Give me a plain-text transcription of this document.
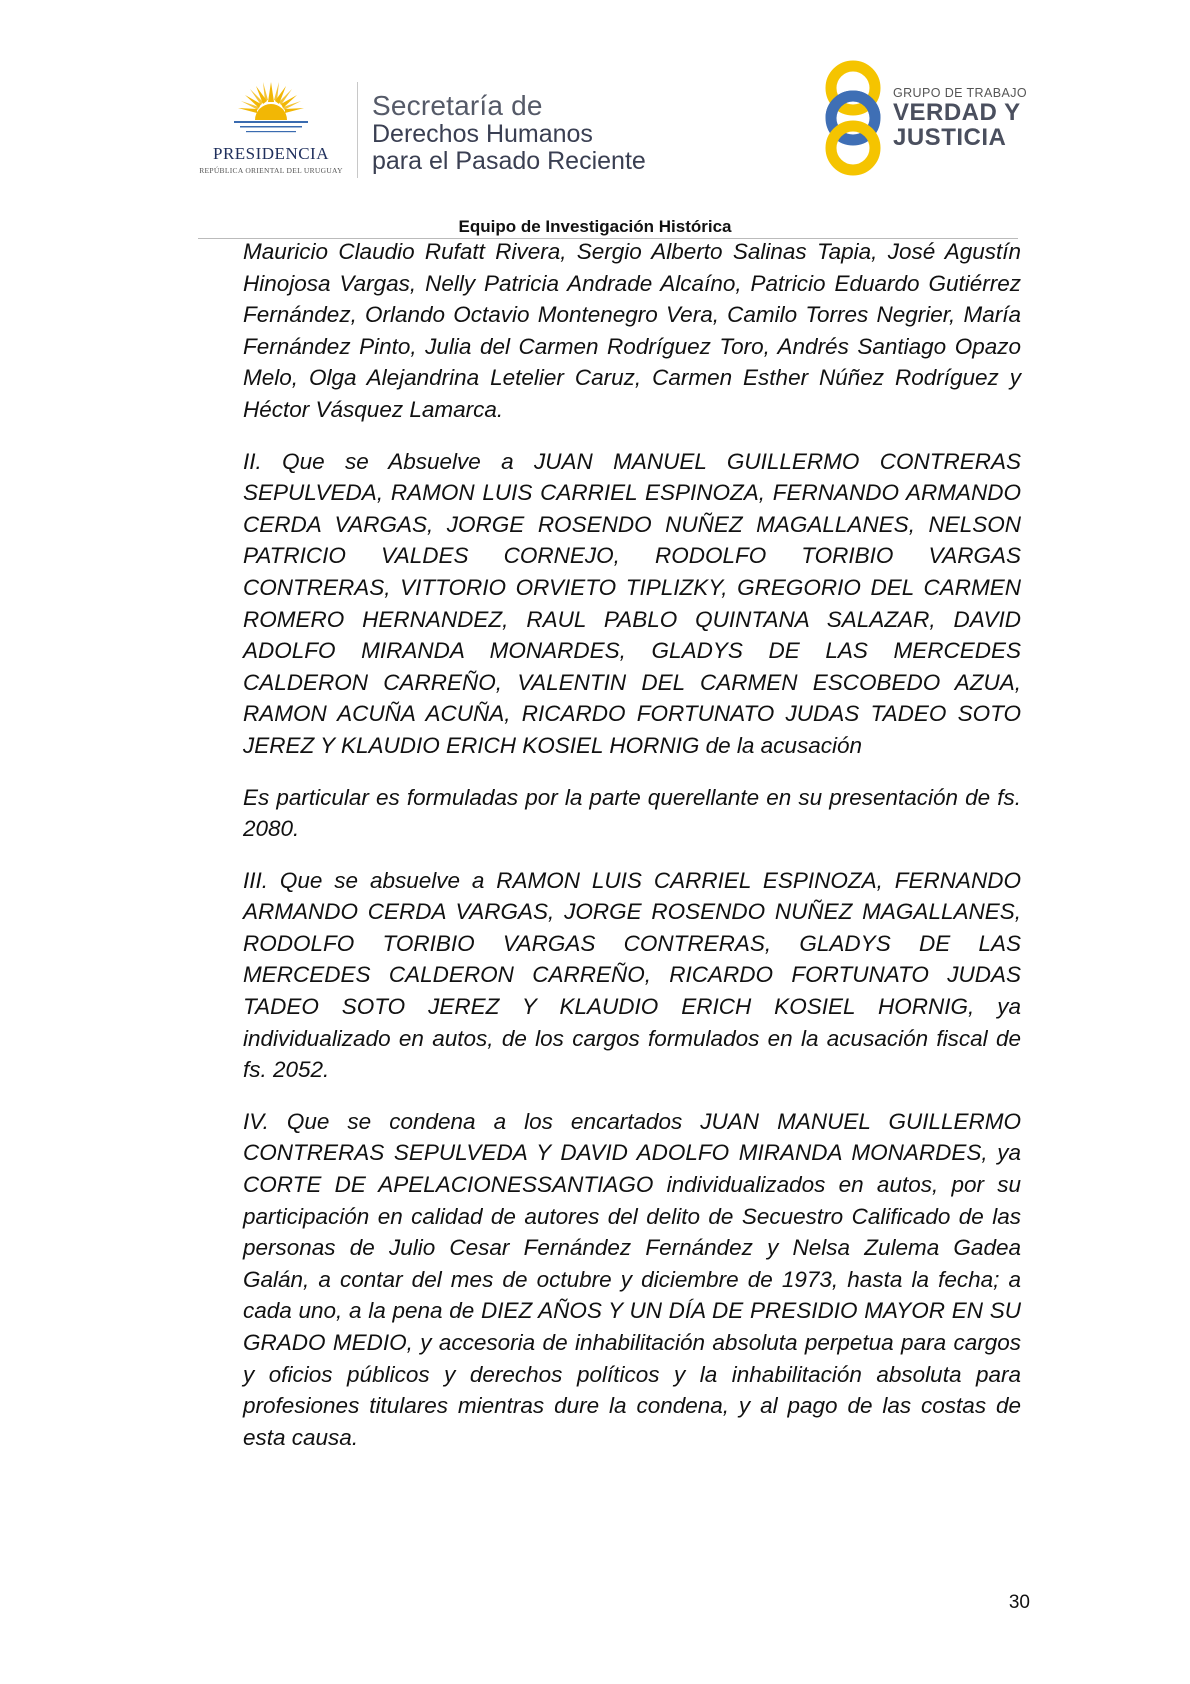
PRESIDENCIA
REPÚBLICA ORIENTAL DEL URUGUAY
Secretaría de
Derechos Humanos
para el Pasado Reciente
GRUPO DE TRABAJO
VERDAD Y
JUSTICIA
Equipo de Investigación Histórica

Mauricio Claudio Rufatt Rivera, Sergio Alberto Salinas Tapia, José Agustín Hinojosa Vargas, Nelly Patricia Andrade Alcaíno, Patricio Eduardo Gutiérrez Fernández, Orlando Octavio Montenegro Vera, Camilo Torres Negrier, María Fernández Pinto, Julia del Carmen Rodríguez Toro, Andrés Santiago Opazo Melo, Olga Alejandrina Letelier Caruz, Carmen Esther Núñez Rodríguez y Héctor Vásquez Lamarca.

II. Que se Absuelve a JUAN MANUEL GUILLERMO CONTRERAS SEPULVEDA, RAMON LUIS CARRIEL ESPINOZA, FERNANDO ARMANDO CERDA VARGAS, JORGE ROSENDO NUÑEZ MAGALLANES, NELSON PATRICIO VALDES CORNEJO, RODOLFO TORIBIO VARGAS CONTRERAS, VITTORIO ORVIETO TIPLIZKY, GREGORIO DEL CARMEN ROMERO HERNANDEZ, RAUL PABLO QUINTANA SALAZAR, DAVID ADOLFO MIRANDA MONARDES, GLADYS DE LAS MERCEDES CALDERON CARREÑO, VALENTIN DEL CARMEN ESCOBEDO AZUA, RAMON ACUÑA ACUÑA, RICARDO FORTUNATO JUDAS TADEO SOTO JEREZ Y KLAUDIO ERICH KOSIEL HORNIG de la acusación

Es particular es formuladas por la parte querellante en su presentación de fs. 2080.

III. Que se absuelve a RAMON LUIS CARRIEL ESPINOZA, FERNANDO ARMANDO CERDA VARGAS, JORGE ROSENDO NUÑEZ MAGALLANES, RODOLFO TORIBIO VARGAS CONTRERAS, GLADYS DE LAS MERCEDES CALDERON CARREÑO, RICARDO FORTUNATO JUDAS TADEO SOTO JEREZ Y KLAUDIO ERICH KOSIEL HORNIG, ya individualizado en autos, de los cargos formulados en la acusación fiscal de fs. 2052.

IV. Que se condena a los encartados JUAN MANUEL GUILLERMO CONTRERAS SEPULVEDA Y DAVID ADOLFO MIRANDA MONARDES, ya CORTE DE APELACIONESSANTIAGO individualizados en autos, por su participación en calidad de autores del delito de Secuestro Calificado de las personas de Julio Cesar Fernández Fernández y Nelsa Zulema Gadea Galán, a contar del mes de octubre y diciembre de 1973, hasta la fecha; a cada uno, a la pena de DIEZ AÑOS Y UN DÍA DE PRESIDIO MAYOR EN SU GRADO MEDIO, y accesoria de inhabilitación absoluta perpetua para cargos y oficios públicos y derechos políticos y la inhabilitación absoluta para profesiones titulares mientras dure la condena, y al pago de las costas de esta causa.

30
